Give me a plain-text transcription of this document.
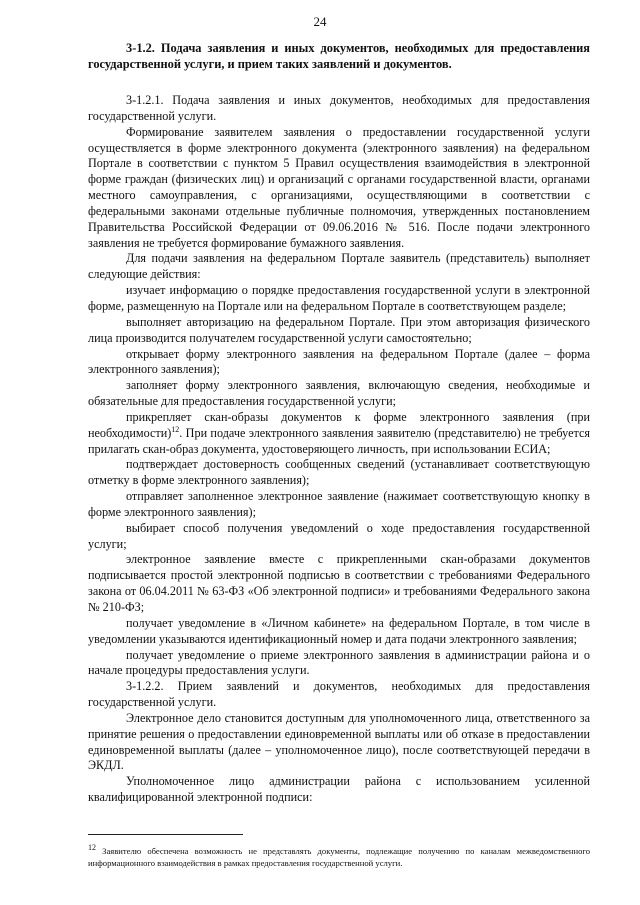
24
3-1.2. Подача заявления и иных документов, необходимых для предоставления государственной услуги, и прием таких заявлений и документов.

3-1.2.1. Подача заявления и иных документов, необходимых для предоставления государственной услуги.

Формирование заявителем заявления о предоставлении государственной услуги осуществляется в форме электронного документа (электронного заявления) на федеральном Портале в соответствии с пунктом 5 Правил осуществления взаимодействия в электронной форме граждан (физических лиц) и организаций с органами государственной власти, органами местного самоуправления, с организациями, осуществляющими в соответствии с федеральными законами отдельные публичные полномочия, утвержденных постановлением Правительства Российской Федерации от 09.06.2016 № 516. После подачи электронного заявления не требуется формирование бумажного заявления.

Для подачи заявления на федеральном Портале заявитель (представитель) выполняет следующие действия:

изучает информацию о порядке предоставления государственной услуги в электронной форме, размещенную на Портале или на федеральном Портале в соответствующем разделе;

выполняет авторизацию на федеральном Портале. При этом авторизация физического лица производится получателем государственной услуги самостоятельно;

открывает форму электронного заявления на федеральном Портале (далее – форма электронного заявления);

заполняет форму электронного заявления, включающую сведения, необходимые и обязательные для предоставления государственной услуги;

прикрепляет скан-образы документов к форме электронного заявления (при необходимости)$^{12}$. При подаче электронного заявления заявителю (представителю) не требуется прилагать скан-образ документа, удостоверяющего личность, при использовании ЕСИА;

подтверждает достоверность сообщенных сведений (устанавливает соответствующую отметку в форме электронного заявления);

отправляет заполненное электронное заявление (нажимает соответствующую кнопку в форме электронного заявления);

выбирает способ получения уведомлений о ходе предоставления государственной услуги;

электронное заявление вместе с прикрепленными скан-образами документов подписывается простой электронной подписью в соответствии с требованиями Федерального закона от 06.04.2011 № 63-ФЗ «Об электронной подписи» и требованиями Федерального закона № 210-ФЗ;

получает уведомление в «Личном кабинете» на федеральном Портале, в том числе в уведомлении указываются идентификационный номер и дата подачи электронного заявления;

получает уведомление о приеме электронного заявления в администрации района и о начале процедуры предоставления услуги.

3-1.2.2. Прием заявлений и документов, необходимых для предоставления государственной услуги.

Электронное дело становится доступным для уполномоченного лица, ответственного за принятие решения о предоставлении единовременной выплаты или об отказе в предоставлении единовременной выплаты (далее – уполномоченное лицо), после соответствующей передачи в ЭКДЛ.

Уполномоченное лицо администрации района с использованием усиленной квалифицированной электронной подписи:

$^{12}$ Заявителю обеспечена возможность не представлять документы, подлежащие получению по каналам межведомственного информационного взаимодействия в рамках предоставления государственной услуги.
